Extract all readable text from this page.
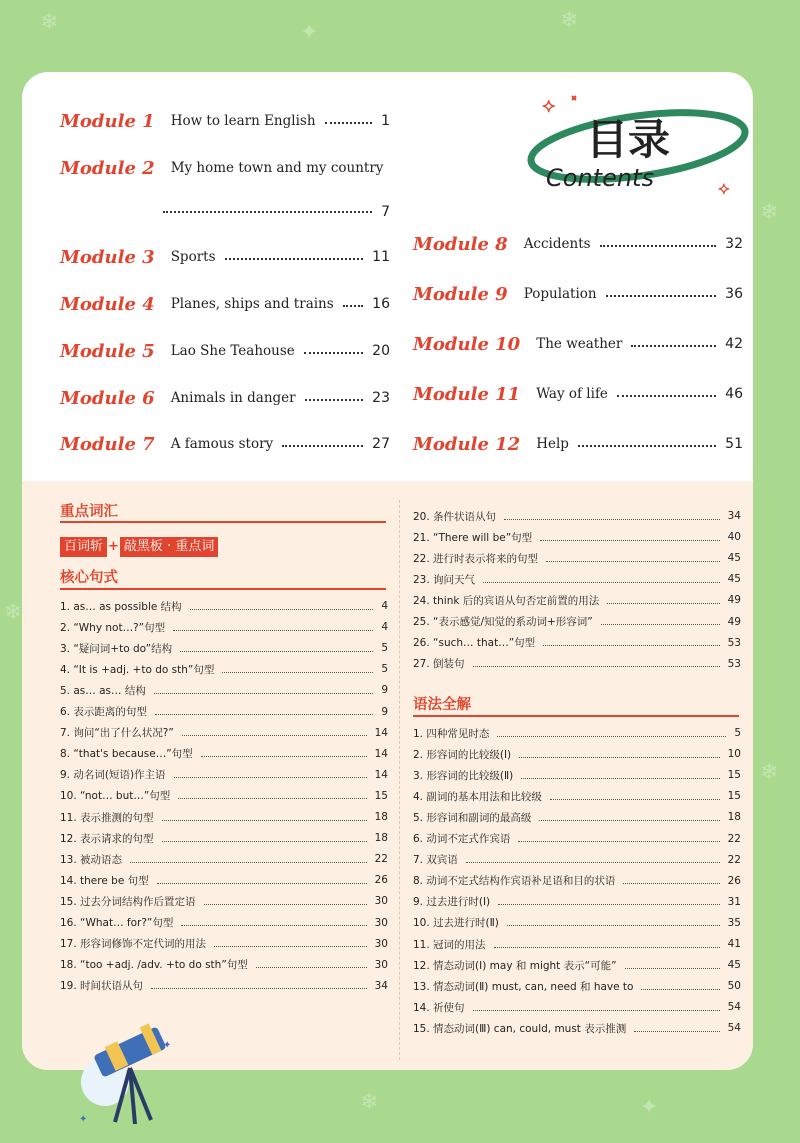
❄	✦	❄
❄
❄
❄
❄	✦
✦
✦
目录
Contents
Module 1 How to learn English	1
Module 2 My home town and my country
7
Module 3 Sports	11
Module 4 Planes, ships and trains	16
Module 5 Lao She Teahouse	20
Module 6 Animals in danger	23
Module 7 A famous story	27
Module 8 Accidents	32
Module 9 Population	36
Module 10 The weather	42
Module 11 Way of life	46
Module 12 Help	51
重点词汇
百词斩 + 敲黑板 · 重点词
核心句式
1. as… as possible 结构	4
2. “Why not…?”句型	4
3. “疑问词+to do”结构	5
4. “It is +adj. +to do sth”句型	5
5. as… as… 结构	9
6. 表示距离的句型	9
7. 询问“出了什么状况?”	14
8. “that's because…”句型	14
9. 动名词(短语)作主语	14
10. “not… but…”句型	15
11. 表示推测的句型	18
12. 表示请求的句型	18
13. 被动语态	22
14. there be 句型	26
15. 过去分词结构作后置定语	30
16. “What… for?”句型	30
17. 形容词修饰不定代词的用法	30
18. “too +adj. /adv. +to do sth”句型	30
19. 时间状语从句	34
20. 条件状语从句	34
21. “There will be”句型	40
22. 进行时表示将来的句型	45
23. 询问天气	45
24. think 后的宾语从句否定前置的用法	49
25. “表示感觉/知觉的系动词+形容词”	49
26. “such… that…”句型	53
27. 倒装句	53
语法全解
1. 四种常见时态	5
2. 形容词的比较级(Ⅰ)	10
3. 形容词的比较级(Ⅱ)	15
4. 副词的基本用法和比较级	15
5. 形容词和副词的最高级	18
6. 动词不定式作宾语	22
7. 双宾语	22
8. 动词不定式结构作宾语补足语和目的状语	26
9. 过去进行时(Ⅰ)	31
10. 过去进行时(Ⅱ)	35
11. 冠词的用法	41
12. 情态动词(Ⅰ) may 和 might 表示“可能”	45
13. 情态动词(Ⅱ) must, can, need 和 have to	50
14. 祈使句	54
15. 情态动词(Ⅲ) can, could, must 表示推测	54
✦
✦
